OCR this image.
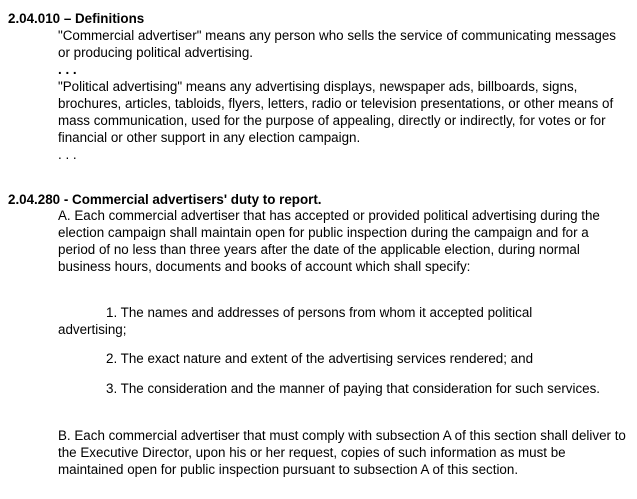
2.04.010 – Definitions
"Commercial advertiser" means any person who sells the service of communicating messages or producing political advertising.
. . .
"Political advertising" means any advertising displays, newspaper ads, billboards, signs, brochures, articles, tabloids, flyers, letters, radio or television presentations, or other means of mass communication, used for the purpose of appealing, directly or indirectly, for votes or for financial or other support in any election campaign.
. . .
2.04.280 - Commercial advertisers' duty to report.
A. Each commercial advertiser that has accepted or provided political advertising during the election campaign shall maintain open for public inspection during the campaign and for a period of no less than three years after the date of the applicable election, during normal business hours, documents and books of account which shall specify:
1. The names and addresses of persons from whom it accepted political advertising;
2. The exact nature and extent of the advertising services rendered; and
3. The consideration and the manner of paying that consideration for such services.
B. Each commercial advertiser that must comply with subsection A of this section shall deliver to the Executive Director, upon his or her request, copies of such information as must be maintained open for public inspection pursuant to subsection A of this section.
